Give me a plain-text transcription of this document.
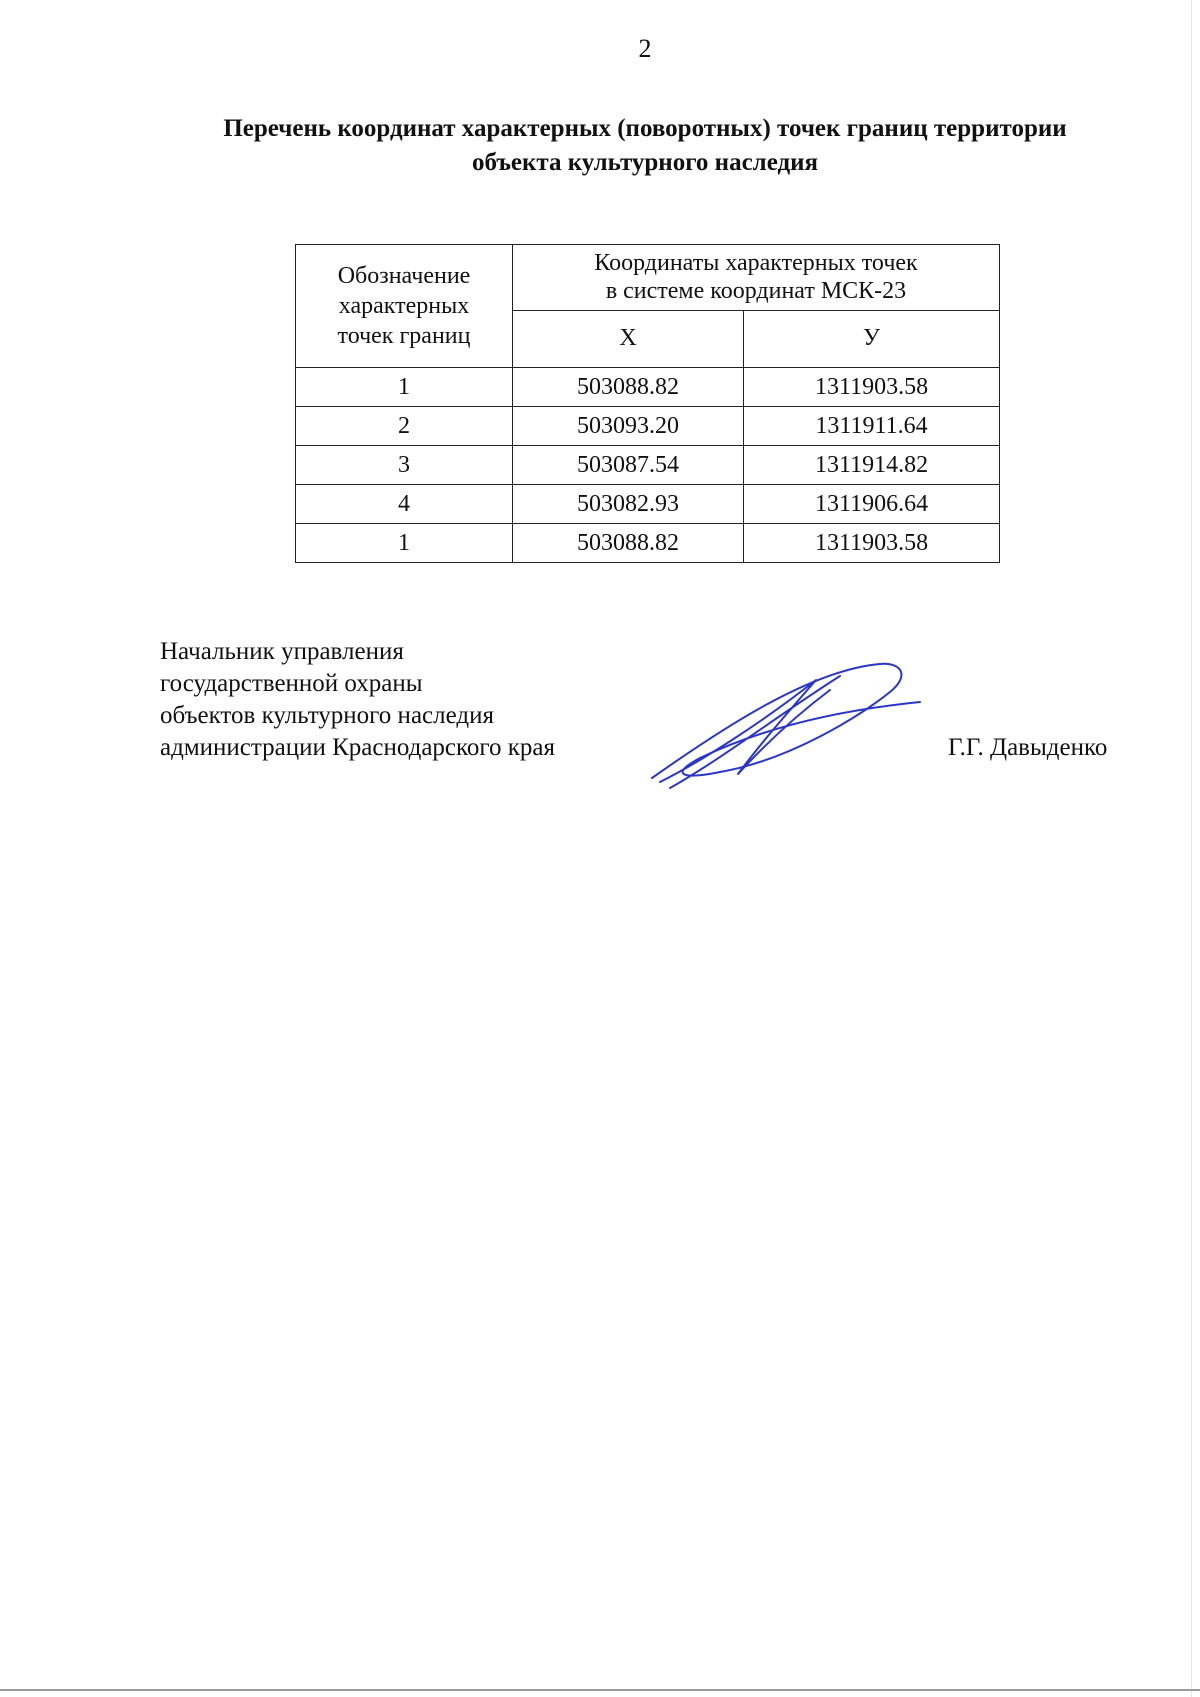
2
Перечень координат характерных (поворотных) точек границ территории
объекта культурного наследия
Обозначение
характерных
точек границ	Координаты характерных точек
в системе координат МСК-23	

	X	У
1	503088.82	1311903.58
2	503093.20	1311911.64
3	503087.54	1311914.82
4	503082.93	1311906.64
1	503088.82	1311903.58
Начальник управления
государственной охраны
объектов культурного наследия
администрации Краснодарского края	Г.Г. Давыденко
